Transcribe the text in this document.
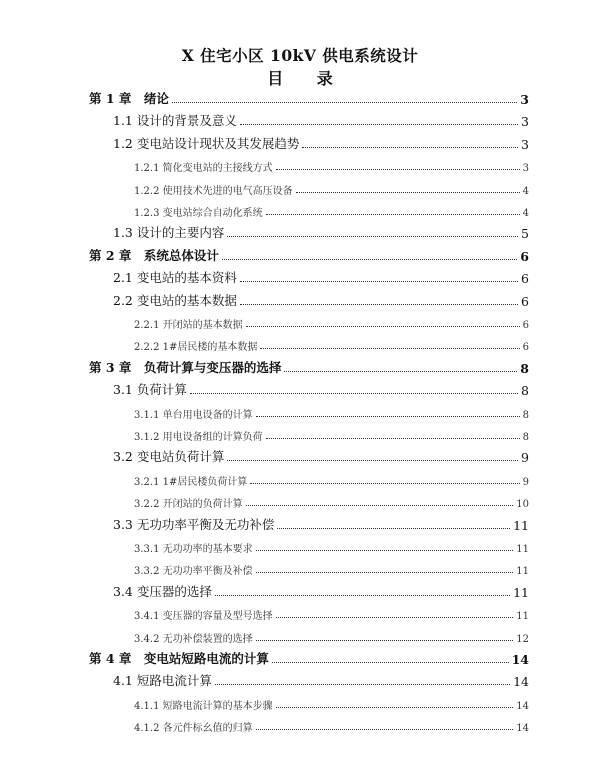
X 住宅小区 10kV 供电系统设计
目 录
第 1 章　绪论	3
1.1 设计的背景及意义	3
1.2 变电站设计现状及其发展趋势	3
1.2.1 简化变电站的主接线方式	3
1.2.2 使用技术先进的电气高压设备	4
1.2.3 变电站综合自动化系统	4
1.3 设计的主要内容	5
第 2 章　系统总体设计	6
2.1 变电站的基本资料	6
2.2 变电站的基本数据	6
2.2.1 开闭站的基本数据	6
2.2.2 1#居民楼的基本数据	6
第 3 章　负荷计算与变压器的选择	8
3.1 负荷计算	8
3.1.1 单台用电设备的计算	8
3.1.2 用电设备组的计算负荷	8
3.2 变电站负荷计算	9
3.2.1 1#居民楼负荷计算	9
3.2.2 开闭站的负荷计算	10
3.3 无功功率平衡及无功补偿	11
3.3.1 无功功率的基本要求	11
3.3.2 无功功率平衡及补偿	11
3.4 变压器的选择	11
3.4.1 变压器的容量及型号选择	11
3.4.2 无功补偿装置的选择	12
第 4 章　变电站短路电流的计算	14
4.1 短路电流计算	14
4.1.1 短路电流计算的基本步骤	14
4.1.2 各元件标幺值的归算	14
